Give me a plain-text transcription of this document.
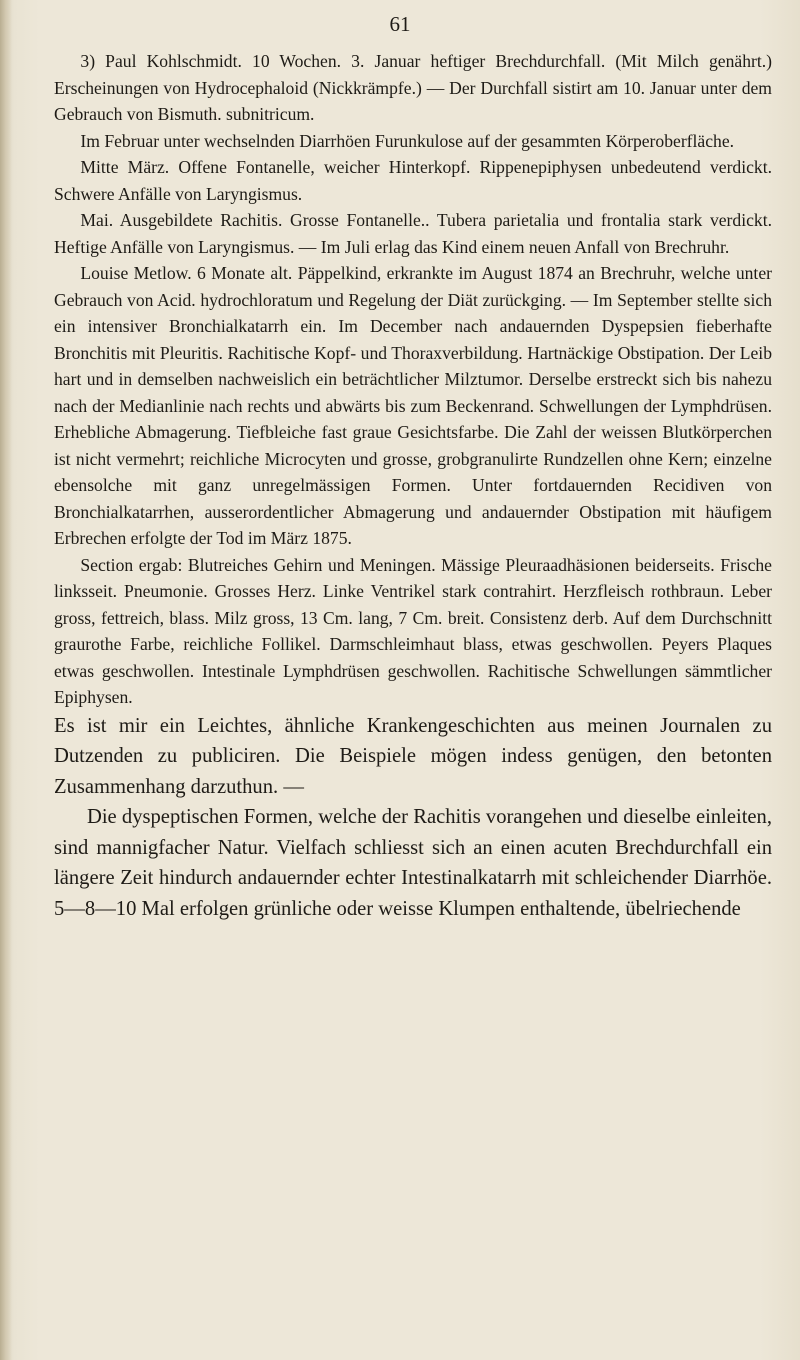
61

3) Paul Kohlschmidt. 10 Wochen. 3. Januar heftiger Brechdurchfall. (Mit Milch genährt.) Erscheinungen von Hydrocephaloid (Nickkrämpfe.) — Der Durchfall sistirt am 10. Januar unter dem Gebrauch von Bismuth. subnitricum.

Im Februar unter wechselnden Diarrhöen Furunkulose auf der gesammten Körperoberfläche.

Mitte März. Offene Fontanelle, weicher Hinterkopf. Rippenepiphysen unbedeutend verdickt. Schwere Anfälle von Laryngismus.

Mai. Ausgebildete Rachitis. Grosse Fontanelle.. Tubera parietalia und frontalia stark verdickt. Heftige Anfälle von Laryngismus. — Im Juli erlag das Kind einem neuen Anfall von Brechruhr.

Louise Metlow. 6 Monate alt. Päppelkind, erkrankte im August 1874 an Brechruhr, welche unter Gebrauch von Acid. hydrochloratum und Regelung der Diät zurückging. — Im September stellte sich ein intensiver Bronchialkatarrh ein. Im December nach andauernden Dyspepsien fieberhafte Bronchitis mit Pleuritis. Rachitische Kopf- und Thoraxverbildung. Hartnäckige Obstipation. Der Leib hart und in demselben nachweislich ein beträchtlicher Milztumor. Derselbe erstreckt sich bis nahezu nach der Medianlinie nach rechts und abwärts bis zum Beckenrand. Schwellungen der Lymphdrüsen. Erhebliche Abmagerung. Tiefbleiche fast graue Gesichtsfarbe. Die Zahl der weissen Blutkörperchen ist nicht vermehrt; reichliche Microcyten und grosse, grobgranulirte Rundzellen ohne Kern; einzelne ebensolche mit ganz unregelmässigen Formen. Unter fortdauernden Recidiven von Bronchialkatarrhen, ausserordentlicher Abmagerung und andauernder Obstipation mit häufigem Erbrechen erfolgte der Tod im März 1875.

Section ergab: Blutreiches Gehirn und Meningen. Mässige Pleuraadhäsionen beiderseits. Frische linksseit. Pneumonie. Grosses Herz. Linke Ventrikel stark contrahirt. Herzfleisch rothbraun. Leber gross, fettreich, blass. Milz gross, 13 Cm. lang, 7 Cm. breit. Consistenz derb. Auf dem Durchschnitt graurothe Farbe, reichliche Follikel. Darmschleimhaut blass, etwas geschwollen. Peyers Plaques etwas geschwollen. Intestinale Lymphdrüsen geschwollen. Rachitische Schwellungen sämmtlicher Epiphysen.

Es ist mir ein Leichtes, ähnliche Krankengeschichten aus meinen Journalen zu Dutzenden zu publiciren. Die Beispiele mögen indess genügen, den betonten Zusammenhang darzuthun. —

Die dyspeptischen Formen, welche der Rachitis vorangehen und dieselbe einleiten, sind mannigfacher Natur. Vielfach schliesst sich an einen acuten Brechdurchfall ein längere Zeit hindurch andauernder echter Intestinalkatarrh mit schleichender Diarrhöe. 5—8—10 Mal erfolgen grünliche oder weisse Klumpen enthaltende, übelriechende
